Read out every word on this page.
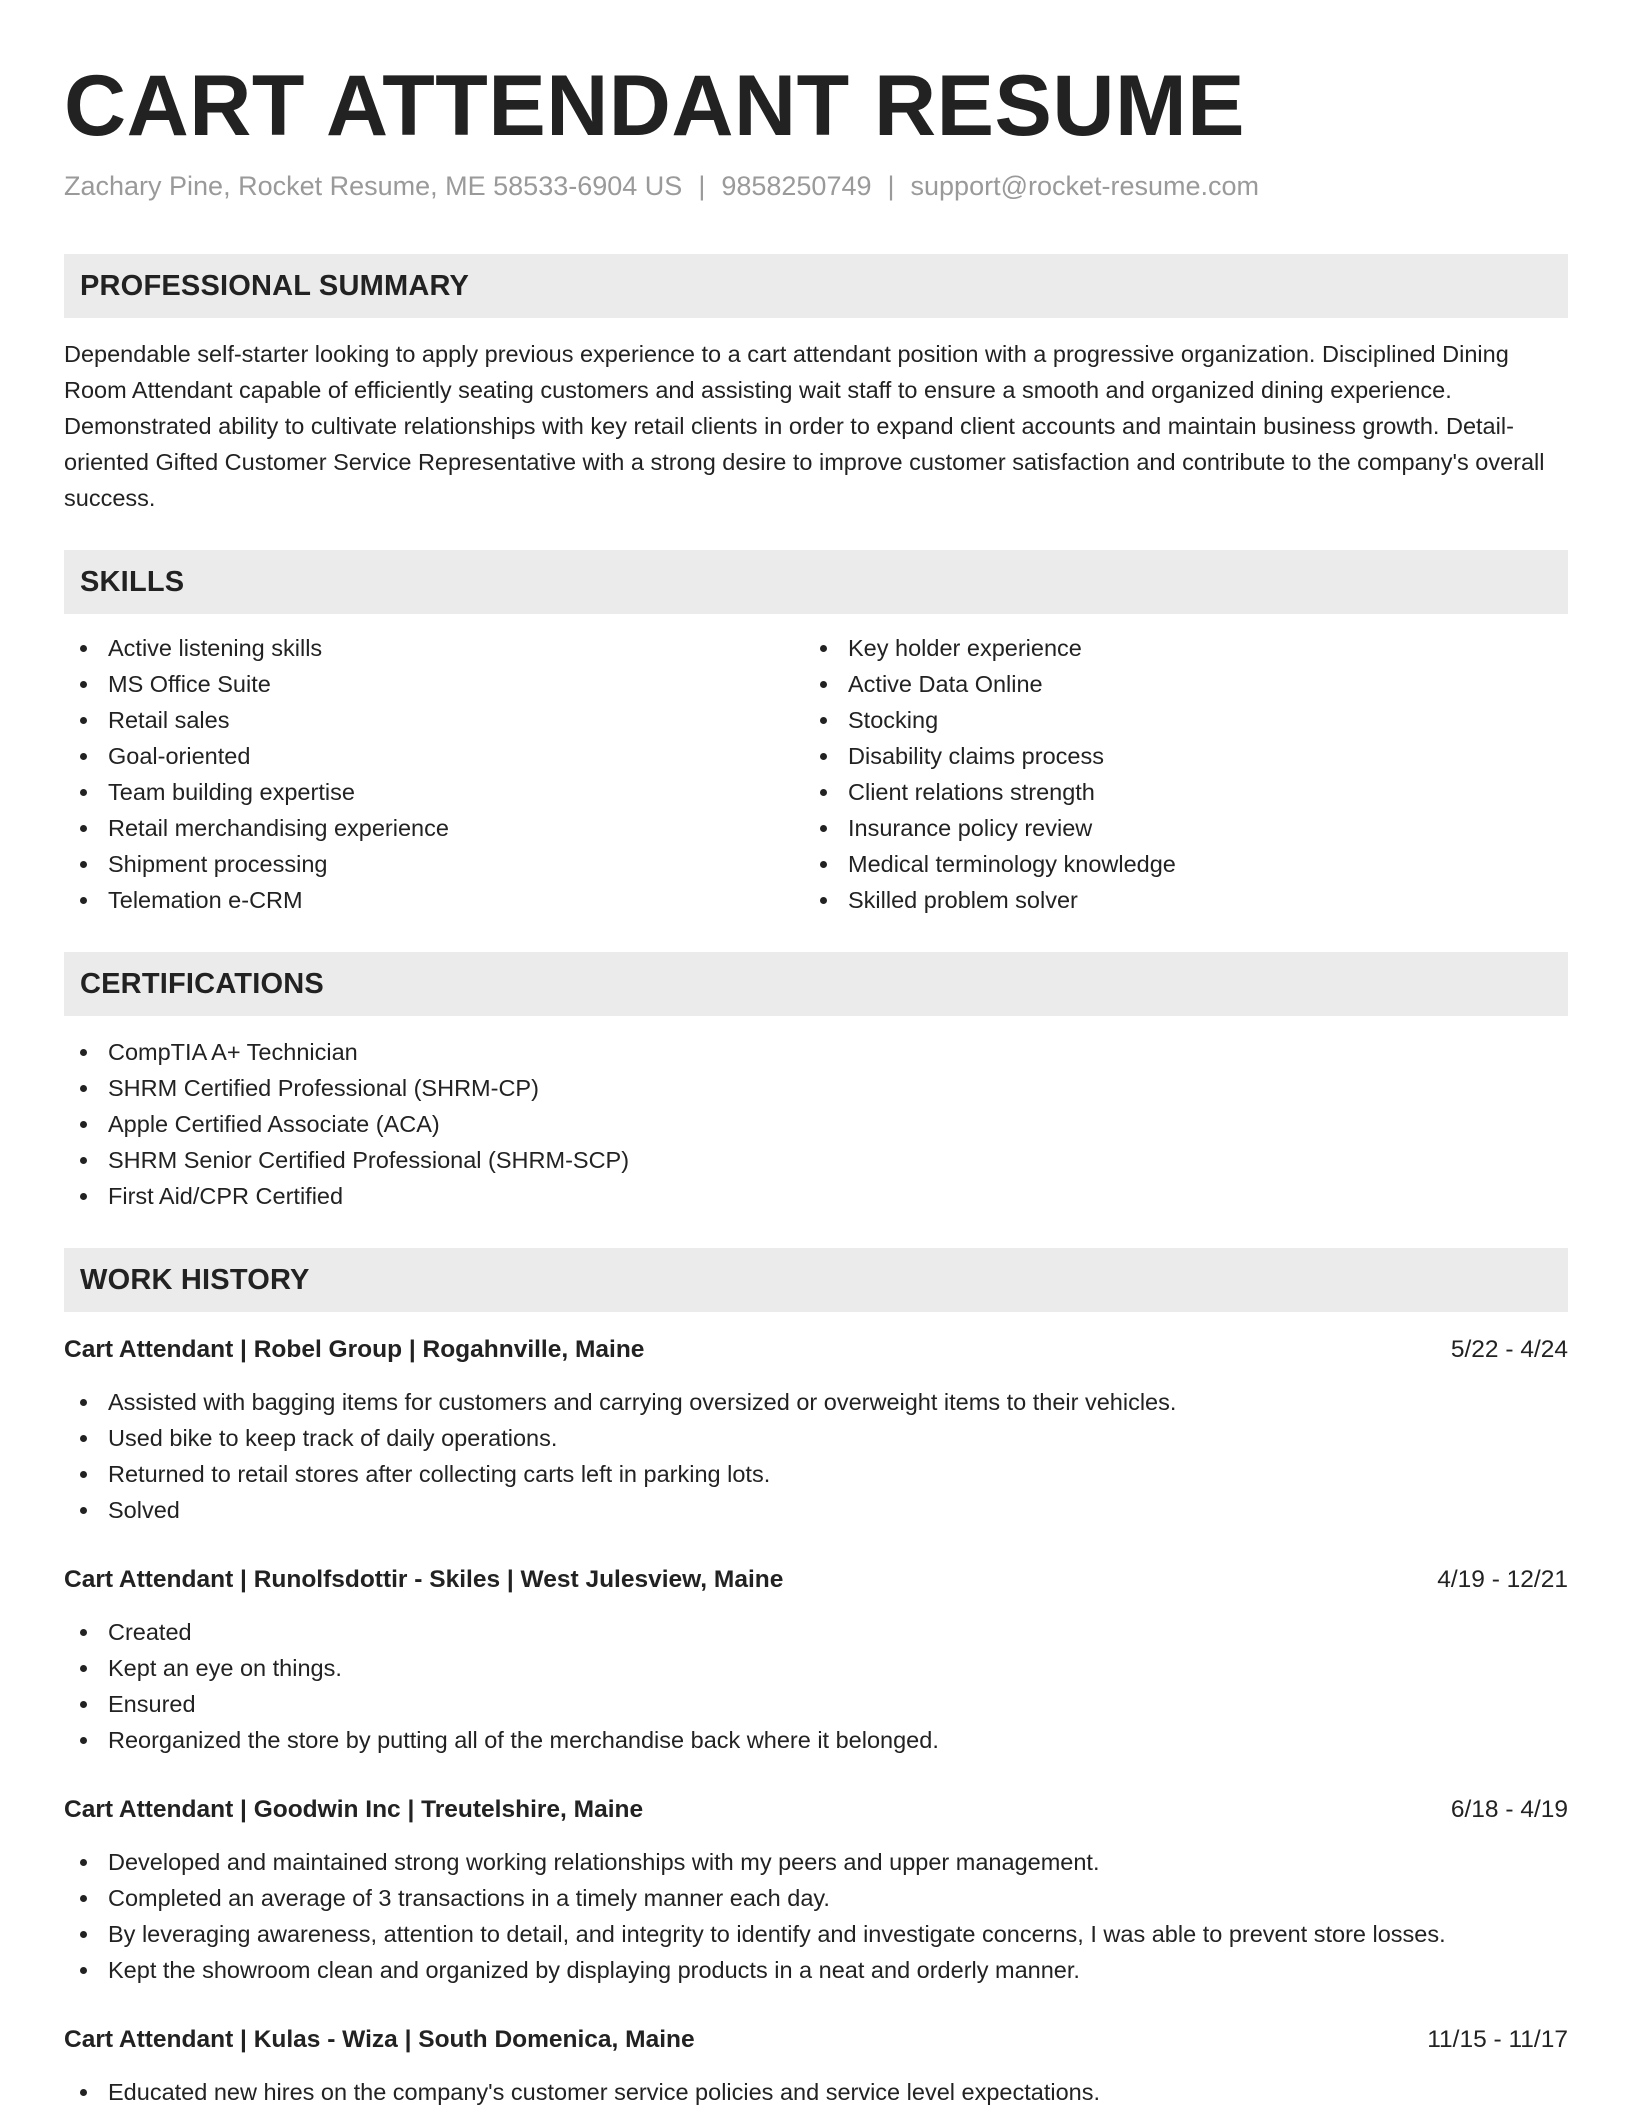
CART ATTENDANT RESUME
Zachary Pine, Rocket Resume, ME 58533-6904 US | 9858250749 | support@rocket-resume.com
PROFESSIONAL SUMMARY

Dependable self-starter looking to apply previous experience to a cart attendant position with a progressive organization. Disciplined Dining Room Attendant capable of efficiently seating customers and assisting wait staff to ensure a smooth and organized dining experience. Demonstrated ability to cultivate relationships with key retail clients in order to expand client accounts and maintain business growth. Detail-oriented Gifted Customer Service Representative with a strong desire to improve customer satisfaction and contribute to the company's overall success.

SKILLS
Active listening skills
MS Office Suite
Retail sales
Goal-oriented
Team building expertise
Retail merchandising experience
Shipment processing
Telemation e-CRM
Key holder experience
Active Data Online
Stocking
Disability claims process
Client relations strength
Insurance policy review
Medical terminology knowledge
Skilled problem solver
CERTIFICATIONS
CompTIA A+ Technician
SHRM Certified Professional (SHRM-CP)
Apple Certified Associate (ACA)
SHRM Senior Certified Professional (SHRM-SCP)
First Aid/CPR Certified
WORK HISTORY
Cart Attendant | Robel Group | Rogahnville, Maine	5/22 - 4/24
Assisted with bagging items for customers and carrying oversized or overweight items to their vehicles.
Used bike to keep track of daily operations.
Returned to retail stores after collecting carts left in parking lots.
Solved
Cart Attendant | Runolfsdottir - Skiles | West Julesview, Maine	4/19 - 12/21
Created
Kept an eye on things.
Ensured
Reorganized the store by putting all of the merchandise back where it belonged.
Cart Attendant | Goodwin Inc | Treutelshire, Maine	6/18 - 4/19
Developed and maintained strong working relationships with my peers and upper management.
Completed an average of 3 transactions in a timely manner each day.
By leveraging awareness, attention to detail, and integrity to identify and investigate concerns, I was able to prevent store losses.
Kept the showroom clean and organized by displaying products in a neat and orderly manner.
Cart Attendant | Kulas - Wiza | South Domenica, Maine	11/15 - 11/17
Educated new hires on the company's customer service policies and service level expectations.
